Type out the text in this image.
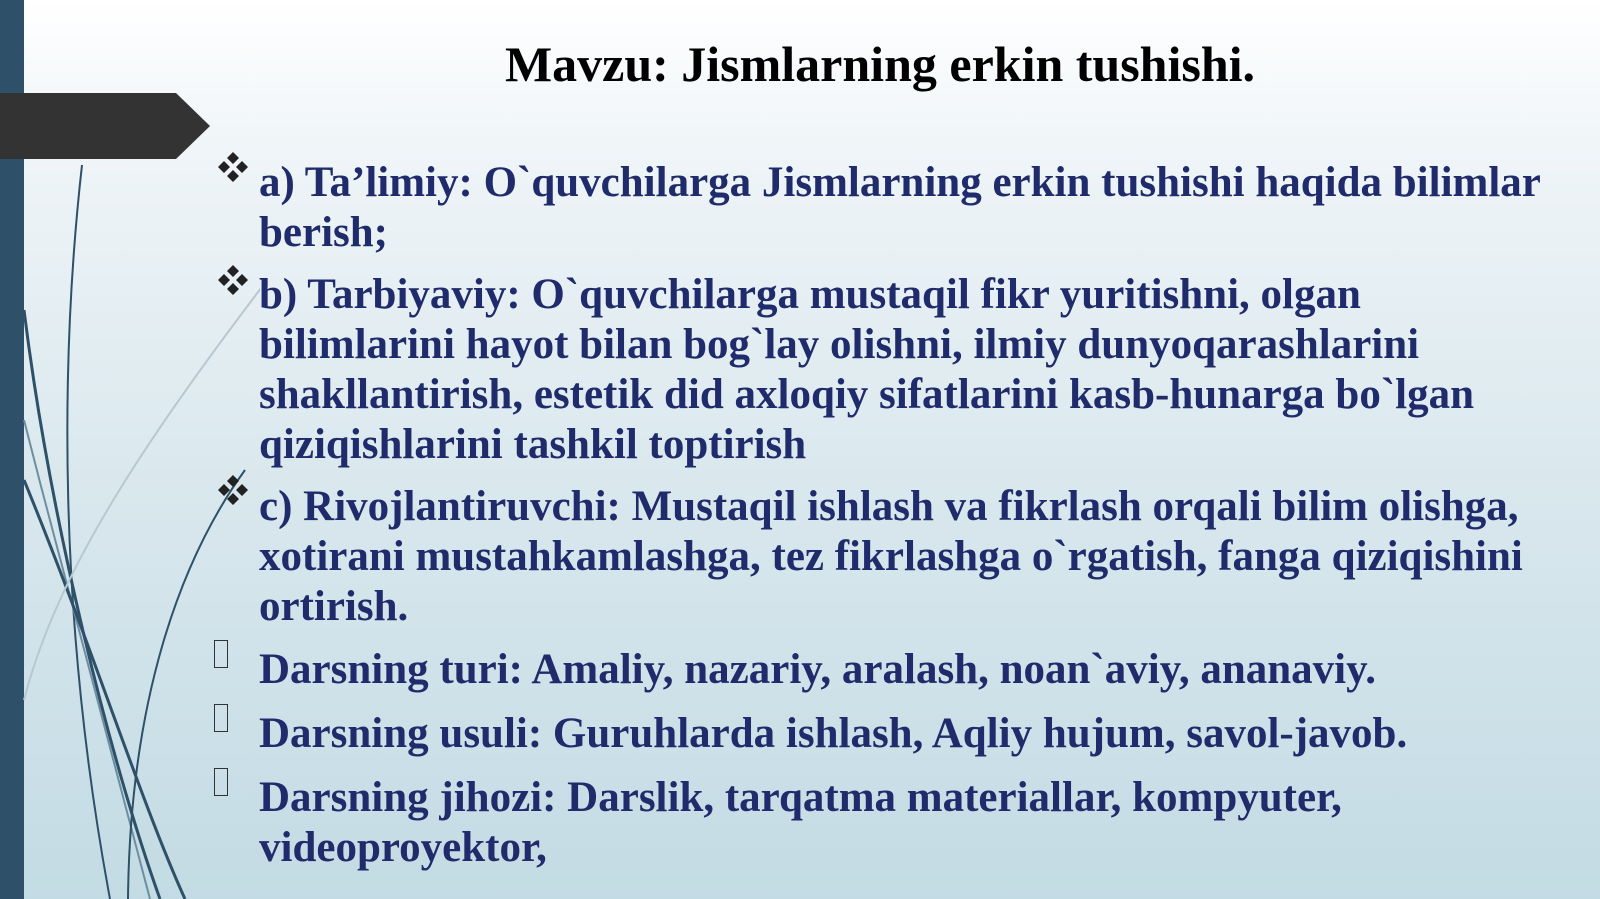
Mavzu: Jismlarning erkin tushishi.
a) Ta’limiy: O`quvchilarga Jismlarning erkin tushishi haqida bilimlar berish;
b) Tarbiyaviy: O`quvchilarga mustaqil fikr yuritishni, olgan bilimlarini hayot bilan bog`lay olishni, ilmiy dunyoqarashlarini shakllantirish, estetik did axloqiy sifatlarini kasb-hunarga bo`lgan qiziqishlarini tashkil toptirish
c) Rivojlantiruvchi: Mustaqil ishlash va fikrlash orqali bilim olishga, xotirani mustahkamlashga, tez fikrlashga o`rgatish, fanga qiziqishini ortirish.
Darsning turi: Amaliy, nazariy, aralash, noan`aviy, ananaviy.
Darsning usuli: Guruhlarda ishlash, Aqliy hujum, savol-javob.
Darsning jihozi: Darslik, tarqatma materiallar, kompyuter, videoproyektor,
